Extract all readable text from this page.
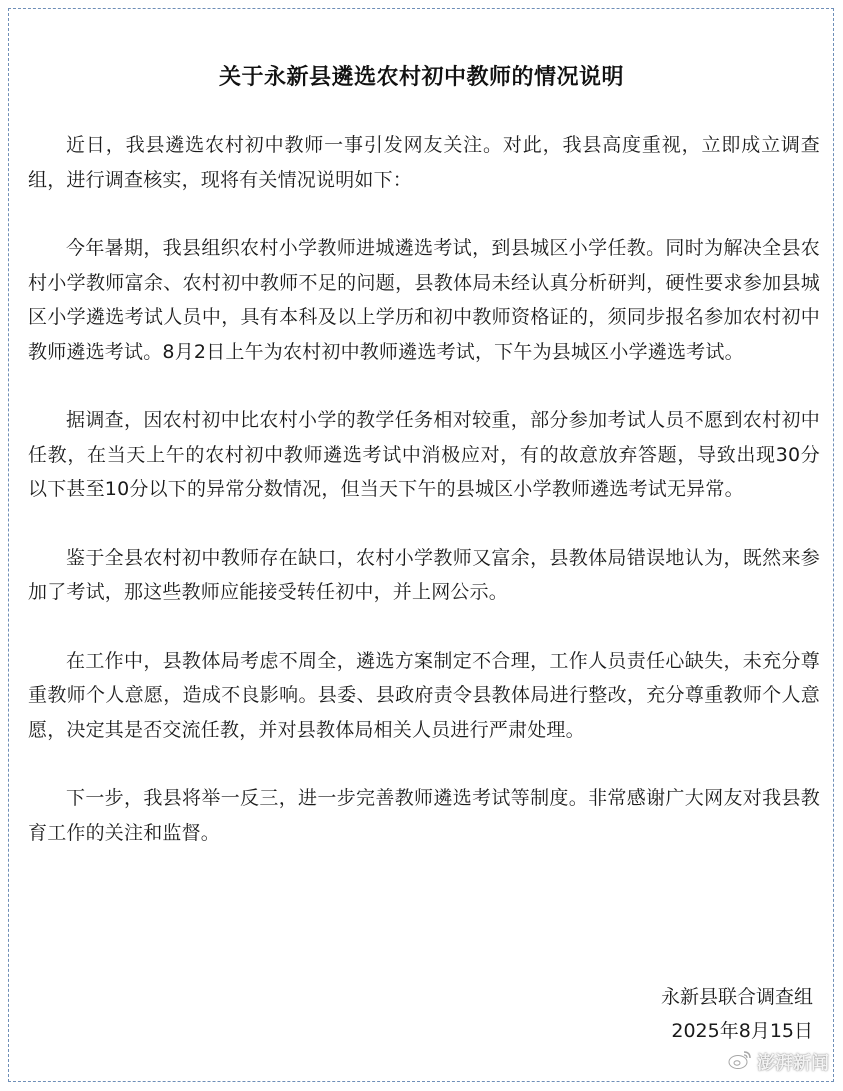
关于永新县遴选农村初中教师的情况说明

近日，我县遴选农村初中教师一事引发网友关注。对此，我县高度重视，立即成立调查组，进行调查核实，现将有关情况说明如下：

今年暑期，我县组织农村小学教师进城遴选考试，到县城区小学任教。同时为解决全县农村小学教师富余、农村初中教师不足的问题，县教体局未经认真分析研判，硬性要求参加县城区小学遴选考试人员中，具有本科及以上学历和初中教师资格证的，须同步报名参加农村初中教师遴选考试。8月2日上午为农村初中教师遴选考试，下午为县城区小学遴选考试。

据调查，因农村初中比农村小学的教学任务相对较重，部分参加考试人员不愿到农村初中任教，在当天上午的农村初中教师遴选考试中消极应对，有的故意放弃答题，导致出现30分以下甚至10分以下的异常分数情况，但当天下午的县城区小学教师遴选考试无异常。

鉴于全县农村初中教师存在缺口，农村小学教师又富余，县教体局错误地认为，既然来参加了考试，那这些教师应能接受转任初中，并上网公示。

在工作中，县教体局考虑不周全，遴选方案制定不合理，工作人员责任心缺失，未充分尊重教师个人意愿，造成不良影响。县委、县政府责令县教体局进行整改，充分尊重教师个人意愿，决定其是否交流任教，并对县教体局相关人员进行严肃处理。

下一步，我县将举一反三，进一步完善教师遴选考试等制度。非常感谢广大网友对我县教育工作的关注和监督。

永新县联合调查组
2025年8月15日
澎湃新闻
